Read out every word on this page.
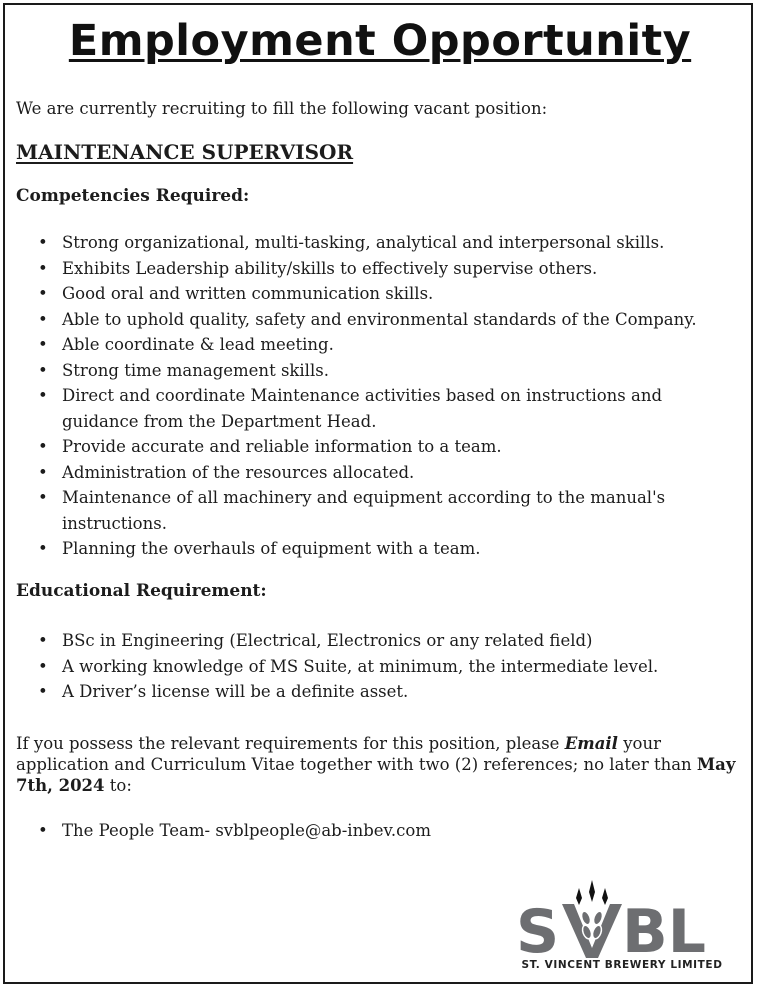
Employment Opportunity
We are currently recruiting to fill the following vacant position:
MAINTENANCE SUPERVISOR
Competencies Required:
• Strong organizational, multi-tasking, analytical and interpersonal skills.
• Exhibits Leadership ability/skills to effectively supervise others.
• Good oral and written communication skills.
• Able to uphold quality, safety and environmental standards of the Company.
• Able coordinate & lead meeting.
• Strong time management skills.
• Direct and coordinate Maintenance activities based on instructions and guidance from the Department Head.
• Provide accurate and reliable information to a team.
• Administration of the resources allocated.
• Maintenance of all machinery and equipment according to the manual's instructions.
• Planning the overhauls of equipment with a team.
Educational Requirement:
• BSc in Engineering (Electrical, Electronics or any related field)
• A working knowledge of MS Suite, at minimum, the intermediate level.
• A Driver’s license will be a definite asset.
If you possess the relevant requirements for this position, please Email your application and Curriculum Vitae together with two (2) references; no later than May 7th, 2024 to:
• The People Team- svblpeople@ab-inbev.com
S BL
ST. VINCENT BREWERY LIMITED
